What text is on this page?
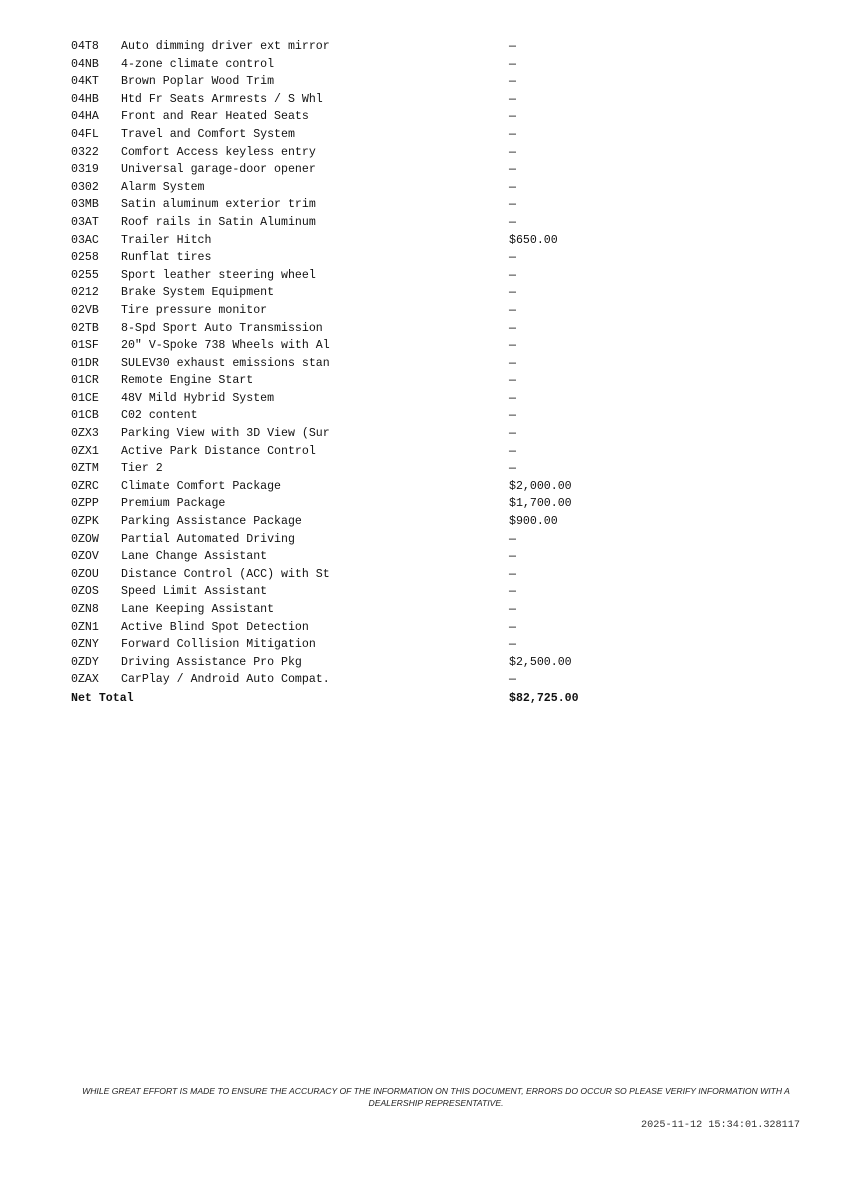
04T8	Auto dimming driver ext mirror	—
04NB	4-zone climate control	—
04KT	Brown Poplar Wood Trim	—
04HB	Htd Fr Seats Armrests / S Whl	—
04HA	Front and Rear Heated Seats	—
04FL	Travel and Comfort System	—
0322	Comfort Access keyless entry	—
0319	Universal garage-door opener	—
0302	Alarm System	—
03MB	Satin aluminum exterior trim	—
03AT	Roof rails in Satin Aluminum	—
03AC	Trailer Hitch	$650.00
0258	Runflat tires	—
0255	Sport leather steering wheel	—
0212	Brake System Equipment	—
02VB	Tire pressure monitor	—
02TB	8-Spd Sport Auto Transmission	—
01SF	20" V-Spoke 738 Wheels with Al	—
01DR	SULEV30 exhaust emissions stan	—
01CR	Remote Engine Start	—
01CE	48V Mild Hybrid System	—
01CB	C02 content	—
0ZX3	Parking View with 3D View (Sur	—
0ZX1	Active Park Distance Control	—
0ZTM	Tier 2	—
0ZRC	Climate Comfort Package	$2,000.00
0ZPP	Premium Package	$1,700.00
0ZPK	Parking Assistance Package	$900.00
0ZOW	Partial Automated Driving	—
0ZOV	Lane Change Assistant	—
0ZOU	Distance Control (ACC) with St	—
0ZOS	Speed Limit Assistant	—
0ZN8	Lane Keeping Assistant	—
0ZN1	Active Blind Spot Detection	—
0ZNY	Forward Collision Mitigation	—
0ZDY	Driving Assistance Pro Pkg	$2,500.00
0ZAX	CarPlay / Android Auto Compat.	—
Net Total		$82,725.00

WHILE GREAT EFFORT IS MADE TO ENSURE THE ACCURACY OF THE INFORMATION ON THIS DOCUMENT, ERRORS DO OCCUR SO PLEASE VERIFY INFORMATION WITH A DEALERSHIP REPRESENTATIVE.

2025-11-12 15:34:01.328117
